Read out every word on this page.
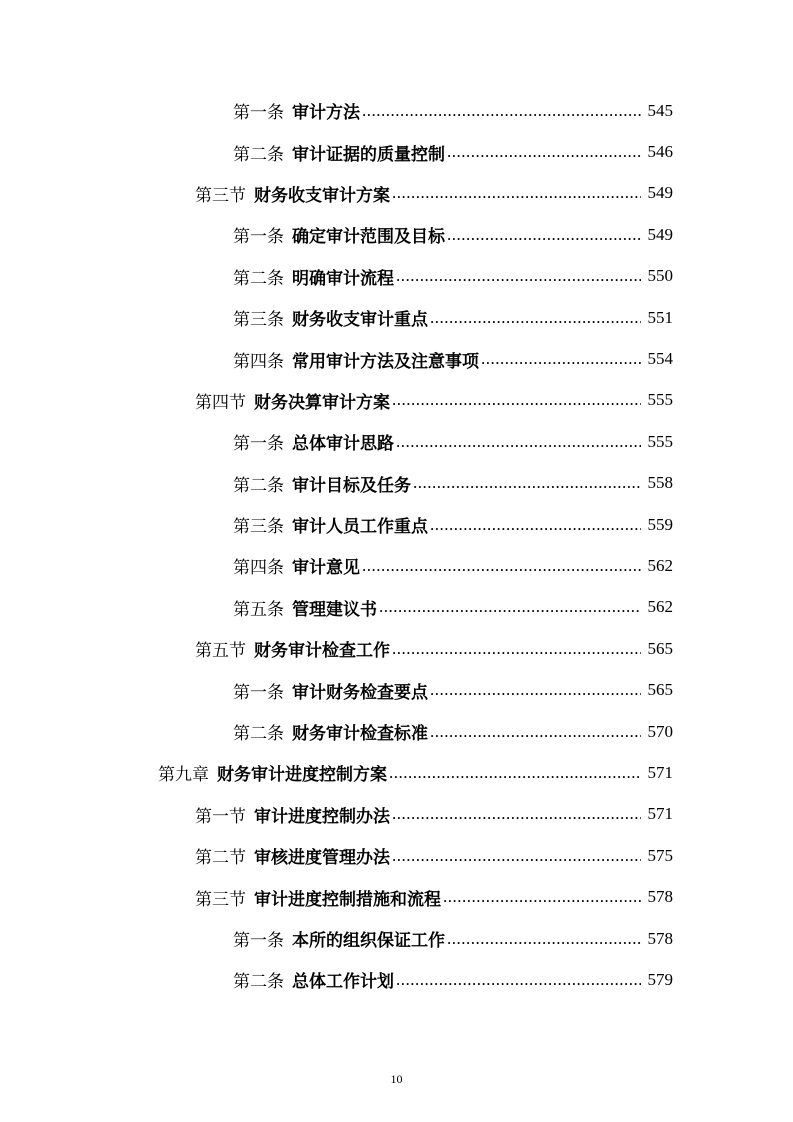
第一条 审计方法 .....	545
第二条 审计证据的质量控制 .....	546
第三节 财务收支审计方案 .....	549
第一条 确定审计范围及目标 .....	549
第二条 明确审计流程 .....	550
第三条 财务收支审计重点 .....	551
第四条 常用审计方法及注意事项 .....	554
第四节 财务决算审计方案 .....	555
第一条 总体审计思路 .....	555
第二条 审计目标及任务 .....	558
第三条 审计人员工作重点 .....	559
第四条 审计意见 .....	562
第五条 管理建议书 .....	562
第五节 财务审计检查工作 .....	565
第一条 审计财务检查要点 .....	565
第二条 财务审计检查标准 .....	570
第九章 财务审计进度控制方案 .....	571
第一节 审计进度控制办法 .....	571
第二节 审核进度管理办法 .....	575
第三节 审计进度控制措施和流程 .....	578
第一条 本所的组织保证工作 .....	578
第二条 总体工作计划 .....	579
10
